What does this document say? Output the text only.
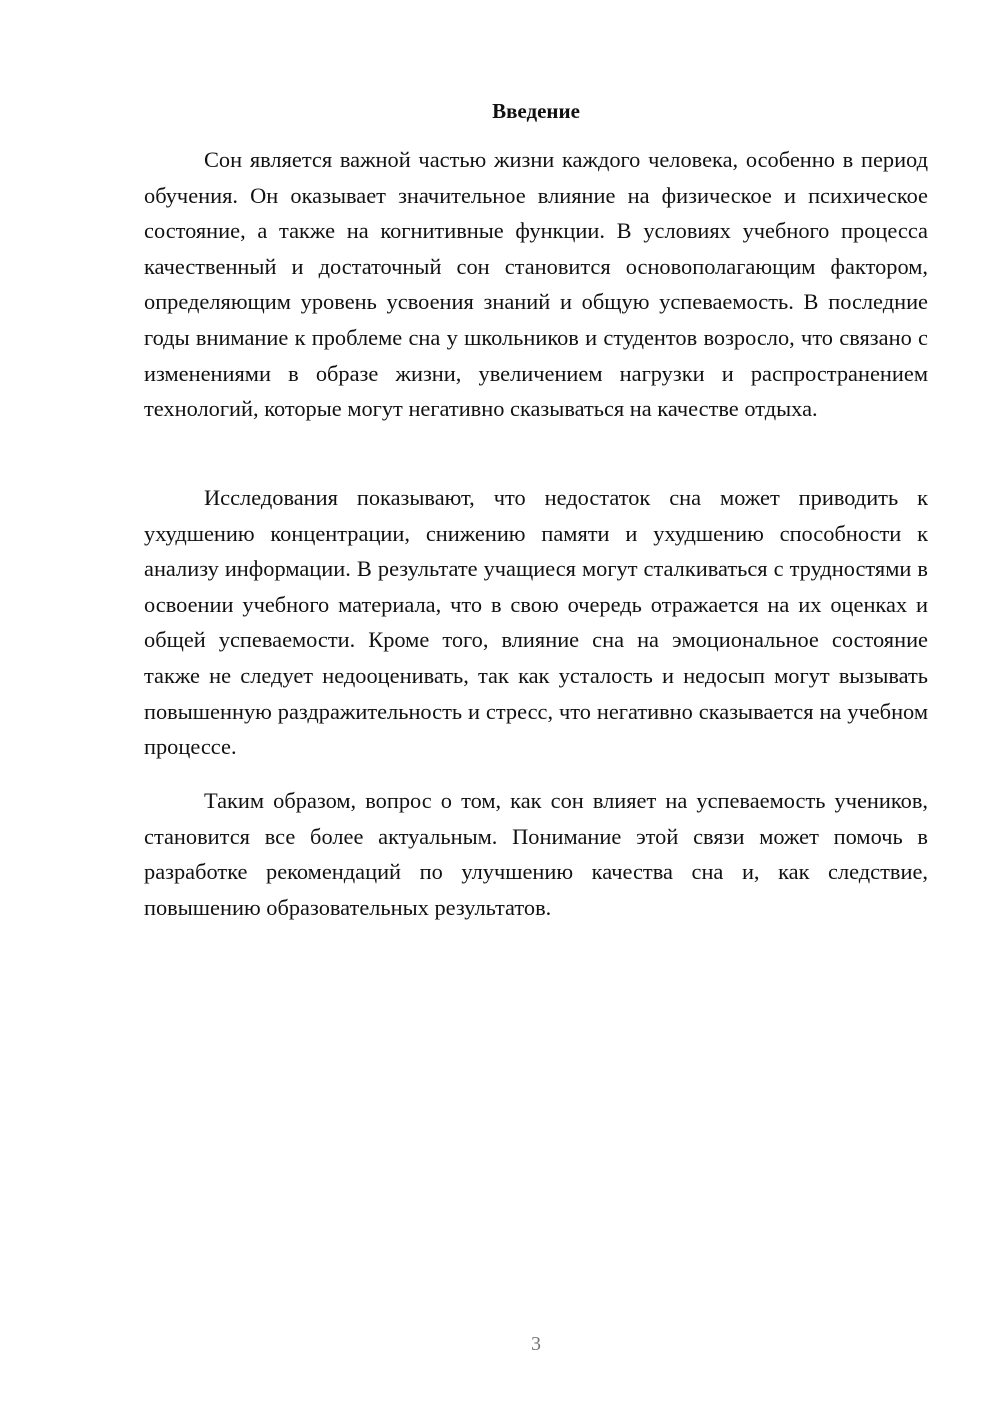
Введение

Сон является важной частью жизни каждого человека, особенно в период обучения. Он оказывает значительное влияние на физическое и психическое состояние, а также на когнитивные функции. В условиях учебного процесса качественный и достаточный сон становится основополагающим фактором, определяющим уровень усвоения знаний и общую успеваемость. В последние годы внимание к проблеме сна у школьников и студентов возросло, что связано с изменениями в образе жизни, увеличением нагрузки и распространением технологий, которые могут негативно сказываться на качестве отдыха.

Исследования показывают, что недостаток сна может приводить к ухудшению концентрации, снижению памяти и ухудшению способности к анализу информации. В результате учащиеся могут сталкиваться с трудностями в освоении учебного материала, что в свою очередь отражается на их оценках и общей успеваемости. Кроме того, влияние сна на эмоциональное состояние также не следует недооценивать, так как усталость и недосып могут вызывать повышенную раздражительность и стресс, что негативно сказывается на учебном процессе.

Таким образом, вопрос о том, как сон влияет на успеваемость учеников, становится все более актуальным. Понимание этой связи может помочь в разработке рекомендаций по улучшению качества сна и, как следствие, повышению образовательных результатов.

3
